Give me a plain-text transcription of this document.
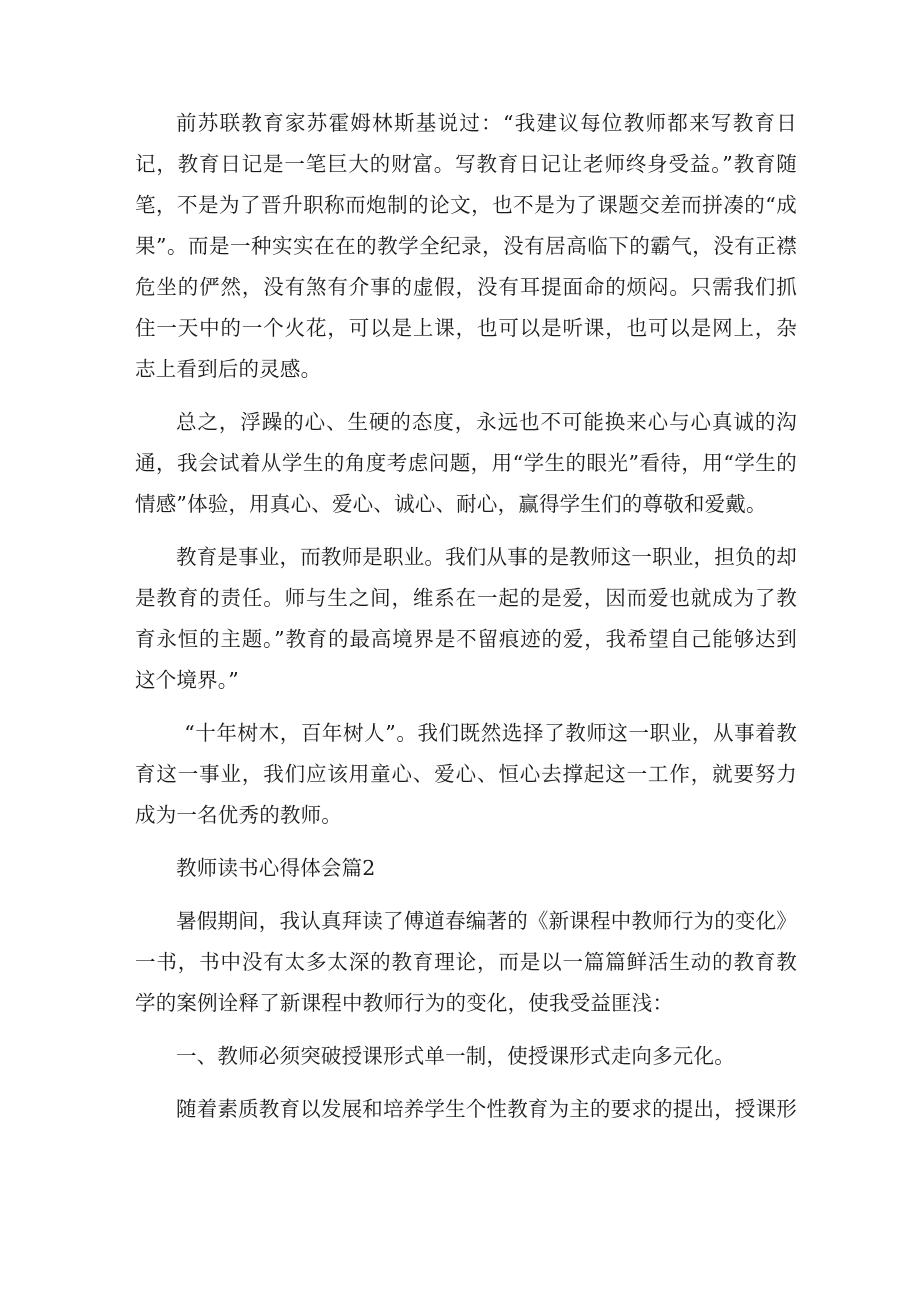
前苏联教育家苏霍姆林斯基说过：“我建议每位教师都来写教育日记，教育日记是一笔巨大的财富。写教育日记让老师终身受益。”教育随笔，不是为了晋升职称而炮制的论文，也不是为了课题交差而拼凑的“成果”。而是一种实实在在的教学全纪录，没有居高临下的霸气，没有正襟危坐的俨然，没有煞有介事的虚假，没有耳提面命的烦闷。只需我们抓住一天中的一个火花，可以是上课，也可以是听课，也可以是网上，杂志上看到后的灵感。

总之，浮躁的心、生硬的态度，永远也不可能换来心与心真诚的沟通，我会试着从学生的角度考虑问题，用“学生的眼光”看待，用“学生的情感”体验，用真心、爱心、诚心、耐心，赢得学生们的尊敬和爱戴。

教育是事业，而教师是职业。我们从事的是教师这一职业，担负的却是教育的责任。师与生之间，维系在一起的是爱，因而爱也就成为了教育永恒的主题。”教育的最高境界是不留痕迹的爱，我希望自己能够达到这个境界。”

“十年树木，百年树人”。我们既然选择了教师这一职业，从事着教育这一事业，我们应该用童心、爱心、恒心去撑起这一工作，就要努力成为一名优秀的教师。

教师读书心得体会篇2

暑假期间，我认真拜读了傅道春编著的《新课程中教师行为的变化》一书，书中没有太多太深的教育理论，而是以一篇篇鲜活生动的教育教学的案例诠释了新课程中教师行为的变化，使我受益匪浅：

一、教师必须突破授课形式单一制，使授课形式走向多元化。

随着素质教育以发展和培养学生个性教育为主的要求的提出，授课形
